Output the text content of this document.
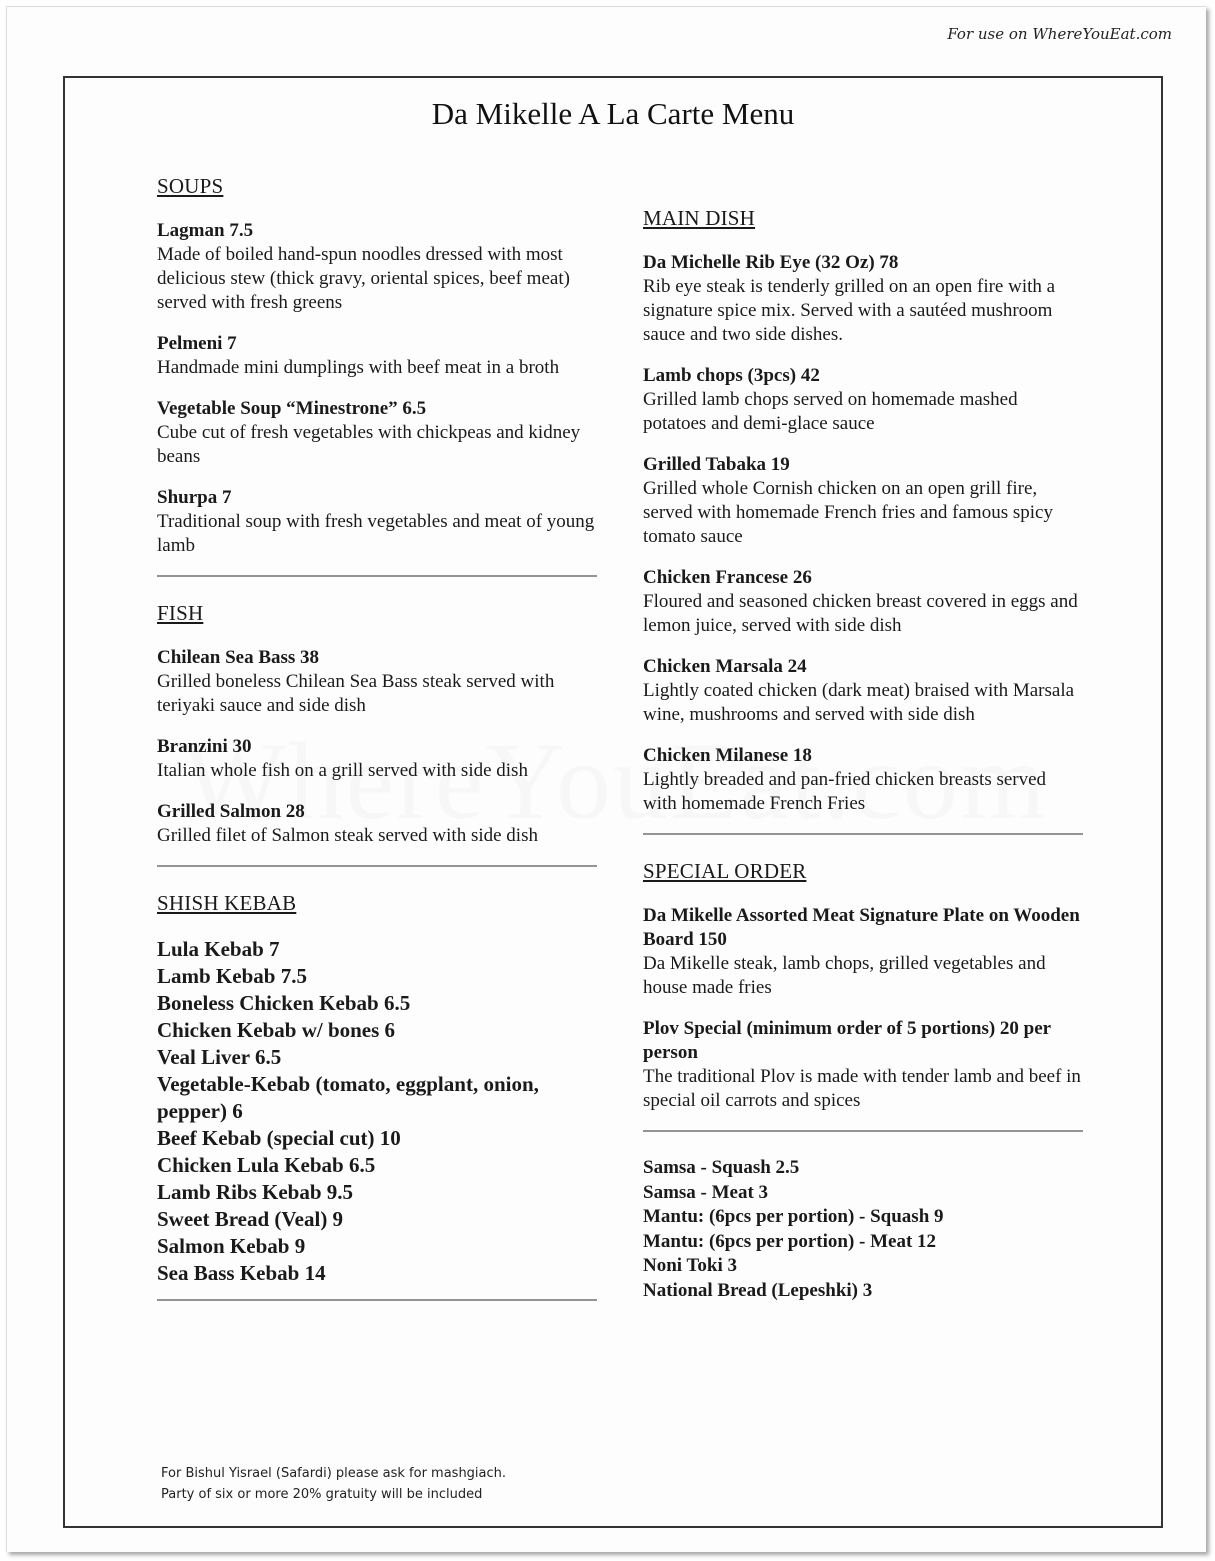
For use on WhereYouEat.com
Da Mikelle A La Carte Menu
SOUPS
Lagman 7.5
Made of boiled hand-spun noodles dressed with most delicious stew (thick gravy, oriental spices, beef meat) served with fresh greens
Pelmeni 7
Handmade mini dumplings with beef meat in a broth
Vegetable Soup “Minestrone” 6.5
Cube cut of fresh vegetables with chickpeas and kidney beans
Shurpa 7
Traditional soup with fresh vegetables and meat of young lamb
FISH
Chilean Sea Bass 38
Grilled boneless Chilean Sea Bass steak served with teriyaki sauce and side dish
Branzini 30
Italian whole fish on a grill served with side dish
Grilled Salmon 28
Grilled filet of Salmon steak served with side dish
SHISH KEBAB
Lula Kebab 7
Lamb Kebab 7.5
Boneless Chicken Kebab 6.5
Chicken Kebab w/ bones 6
Veal Liver 6.5
Vegetable-Kebab (tomato, eggplant, onion, pepper) 6
Beef Kebab (special cut) 10
Chicken Lula Kebab 6.5
Lamb Ribs Kebab 9.5
Sweet Bread (Veal) 9
Salmon Kebab 9
Sea Bass Kebab 14
MAIN DISH
Da Michelle Rib Eye (32 Oz) 78
Rib eye steak is tenderly grilled on an open fire with a signature spice mix. Served with a sautéed mushroom sauce and two side dishes.
Lamb chops (3pcs) 42
Grilled lamb chops served on homemade mashed potatoes and demi-glace sauce
Grilled Tabaka 19
Grilled whole Cornish chicken on an open grill fire, served with homemade French fries and famous spicy tomato sauce
Chicken Francese 26
Floured and seasoned chicken breast covered in eggs and lemon juice, served with side dish
Chicken Marsala 24
Lightly coated chicken (dark meat) braised with Marsala wine, mushrooms and served with side dish
Chicken Milanese 18
Lightly breaded and pan-fried chicken breasts served with homemade French Fries
SPECIAL ORDER
Da Mikelle Assorted Meat Signature Plate on Wooden Board 150
Da Mikelle steak, lamb chops, grilled vegetables and house made fries
Plov Special (minimum order of 5 portions) 20 per person
The traditional Plov is made with tender lamb and beef in special oil carrots and spices
Samsa - Squash 2.5
Samsa - Meat 3
Mantu: (6pcs per portion) - Squash 9
Mantu: (6pcs per portion) - Meat 12
Noni Toki 3
National Bread (Lepeshki) 3
For Bishul Yisrael (Safardi) please ask for mashgiach.
Party of six or more 20% gratuity will be included
